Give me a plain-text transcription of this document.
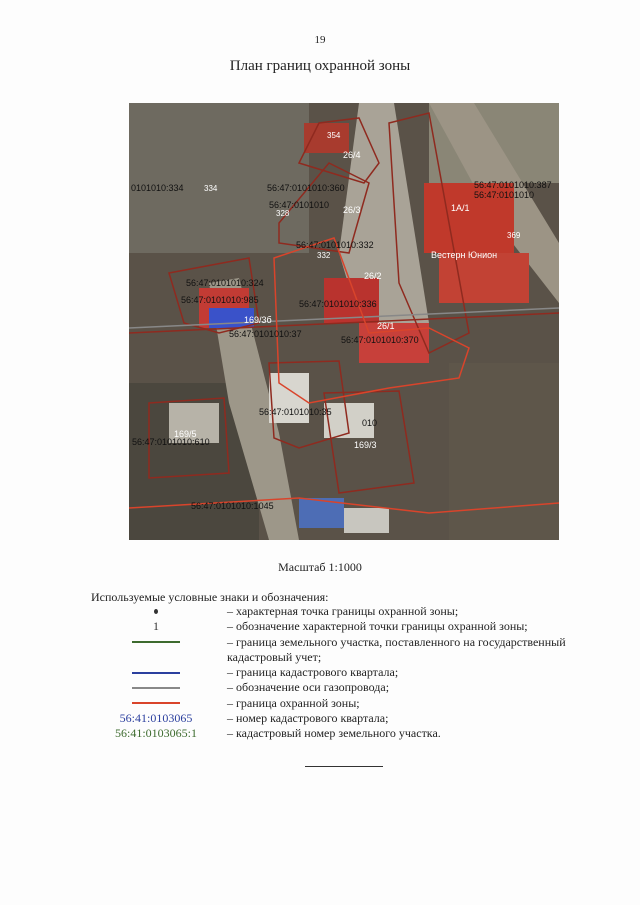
19
План границ охранной зоны
0101010:334	56:47:0101010:360
56:47:0101010
56:47:0101010:387
56:47:0101010
1А/1
Вестерн Юнион
56:47:0101010:324
56:47:0101010:985
56:47:0101010:332
56:47:0101010:336
56:47:0101010:37
56:47:0101010:370
169/3б
26/4
26/3
26/2
26/1
56:47:0101010:35
010
169/5
56:47:0101010:610
56:47:0101010:1045
169/3
354
334
328
332
369
Масштаб 1:1000
Используемые условные знаки и обозначения:
– характерная точка границы охранной зоны;
1	– обозначение характерной точки границы охранной зоны;
– граница земельного участка, поставленного на государственный
кадастровый учет;
– граница кадастрового квартала;
– обозначение оси газопровода;
– граница охранной зоны;
56:41:0103065	– номер кадастрового квартала;
56:41:0103065:1	– кадастровый номер земельного участка.
